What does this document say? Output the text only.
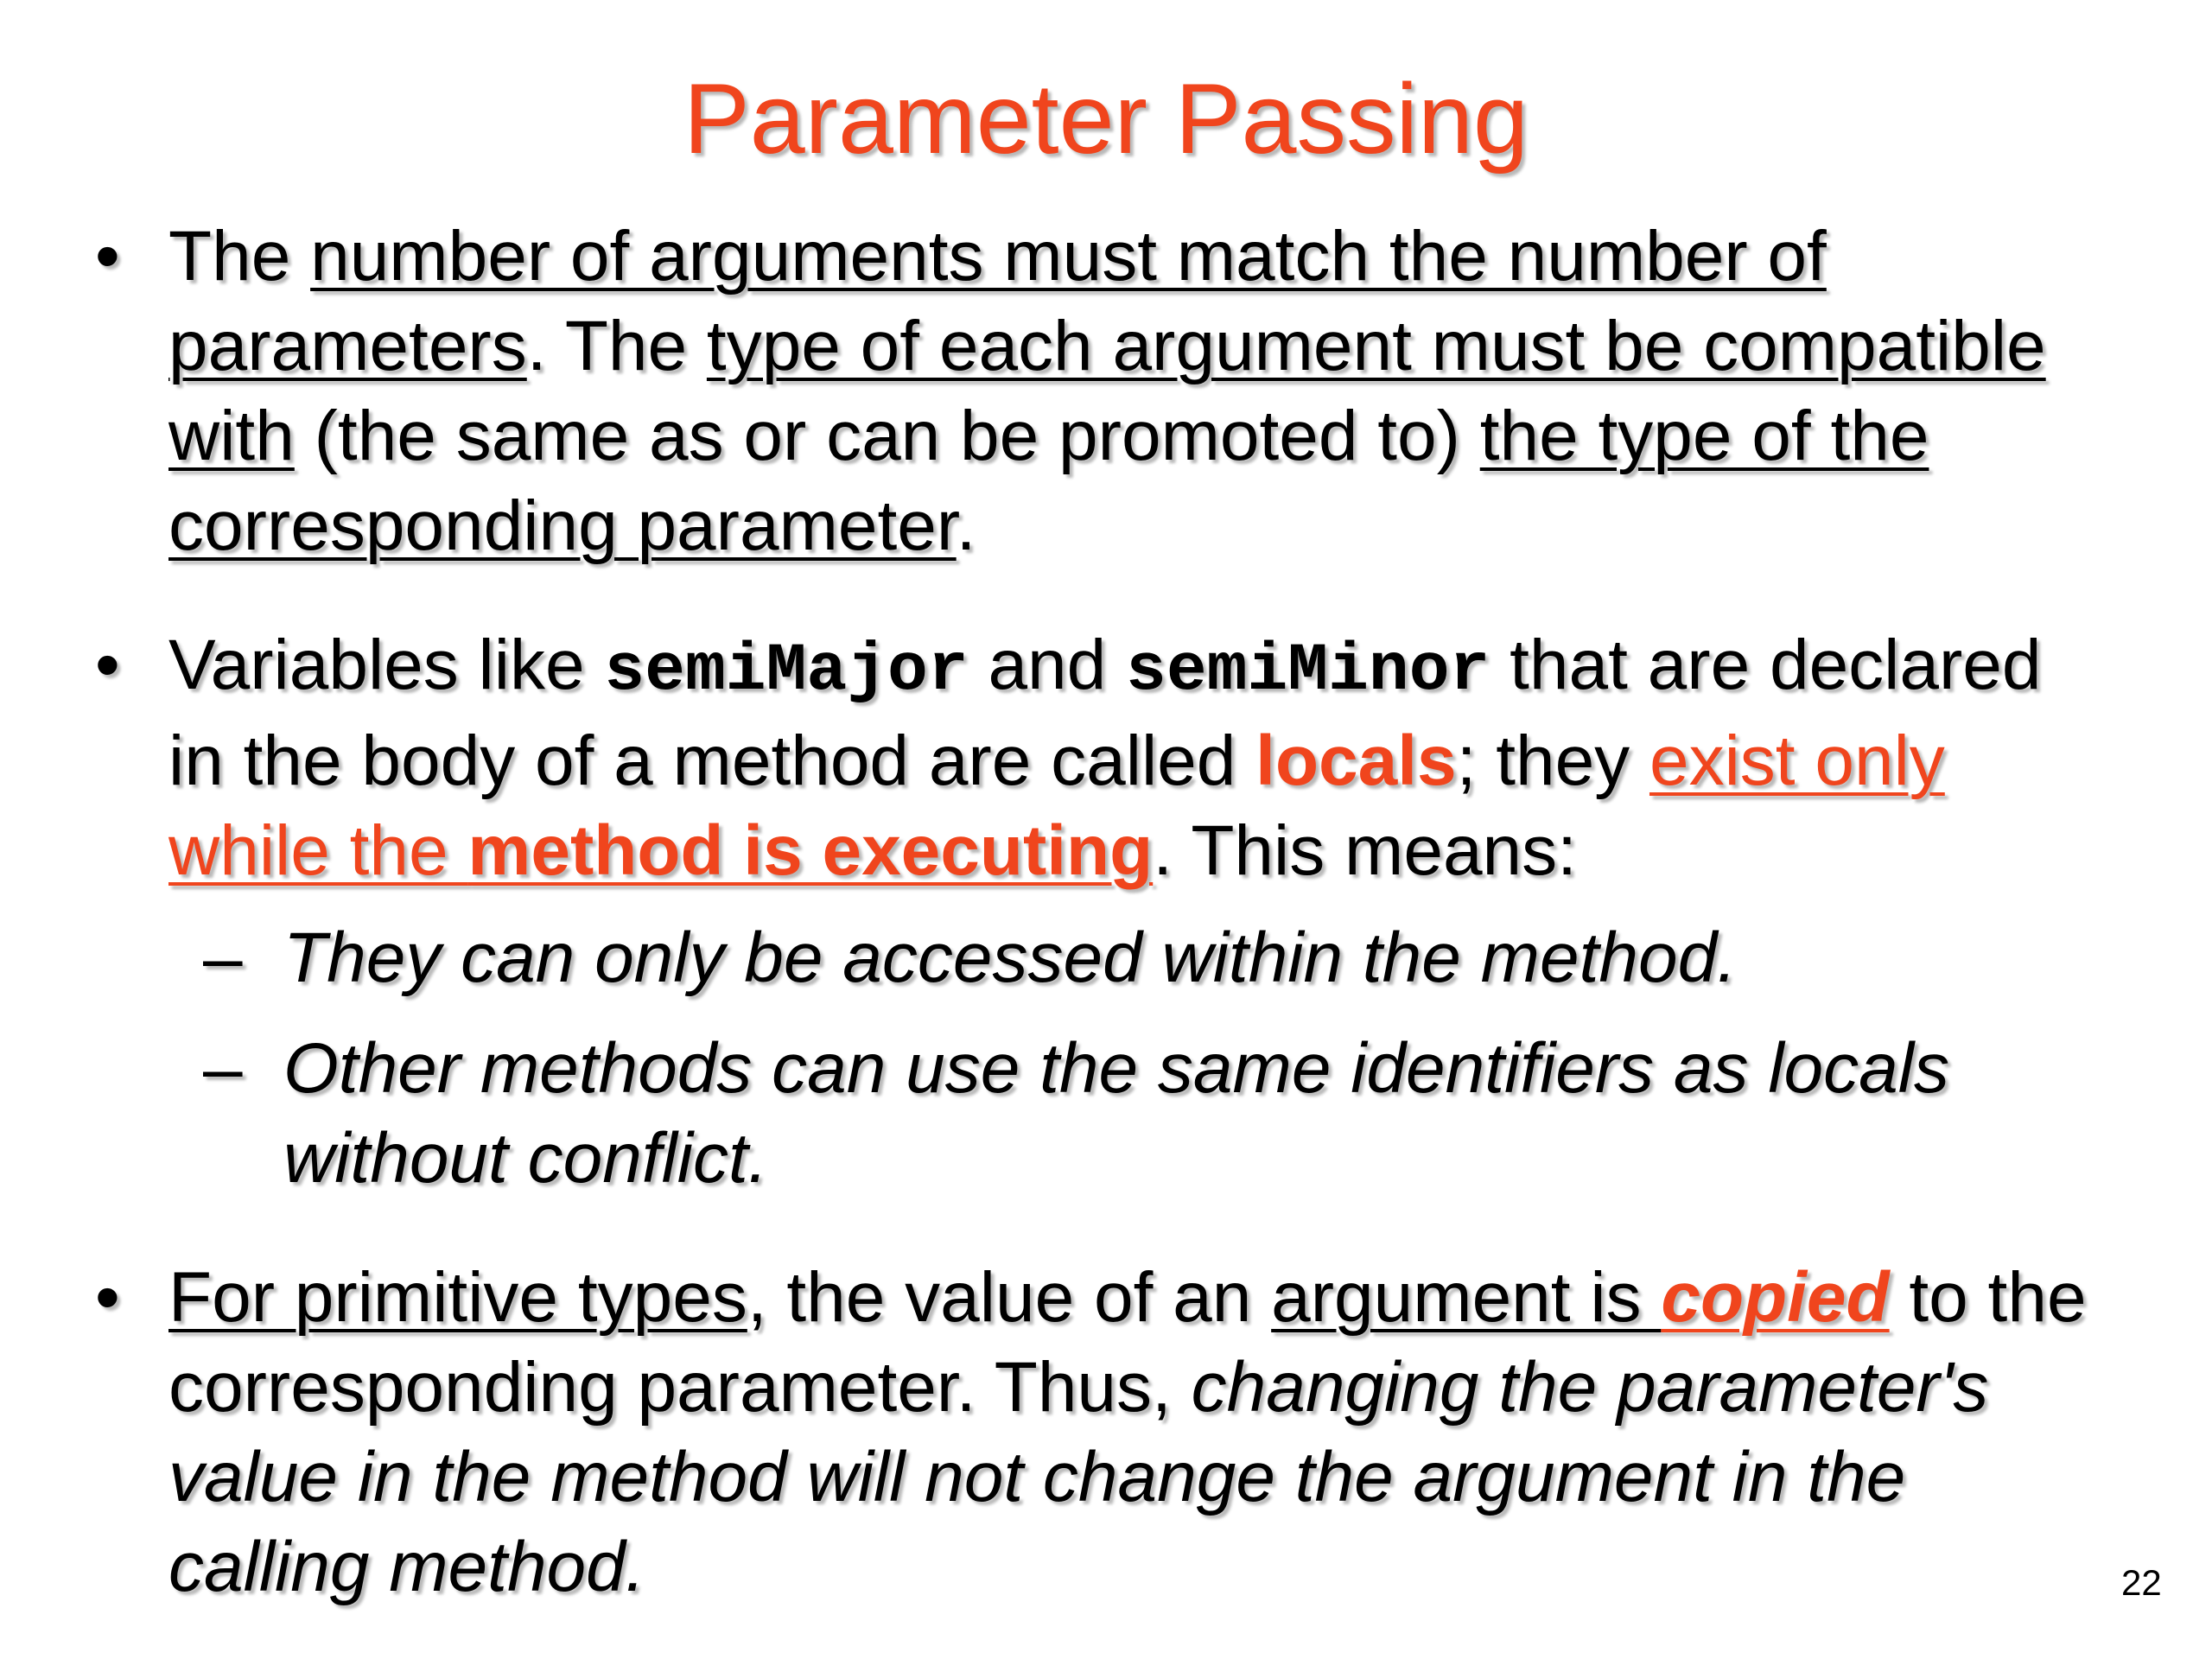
Parameter Passing
• The number of arguments must match the number of parameters. The type of each argument must be compatible with (the same as or can be promoted to) the type of the corresponding parameter.
• Variables like semiMajor and semiMinor that are declared in the body of a method are called locals; they exist only while the method is executing. This means:
– They can only be accessed within the method.
– Other methods can use the same identifiers as locals without conflict.
• For primitive types, the value of an argument is copied to the corresponding parameter. Thus, changing the parameter's value in the method will not change the argument in the calling method.	22
